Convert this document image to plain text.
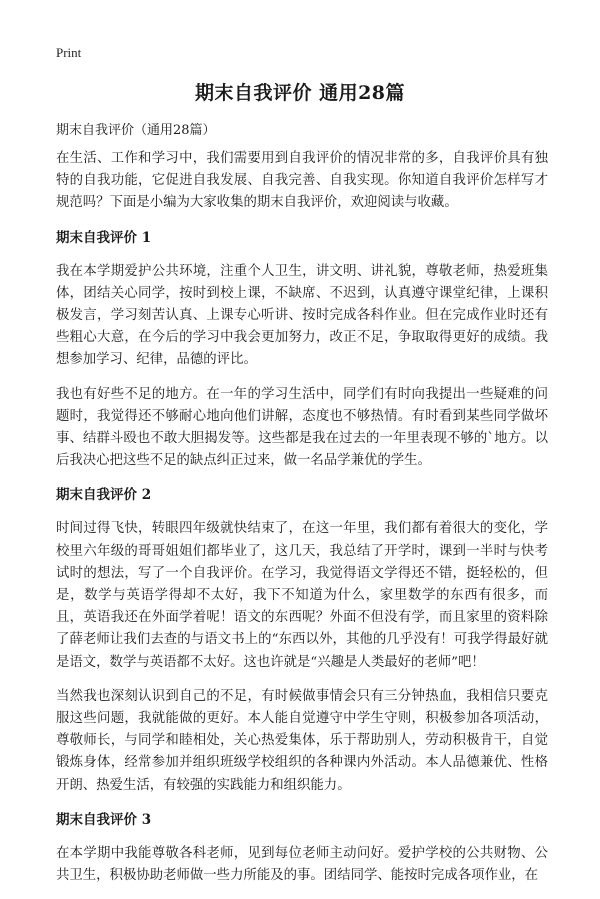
Print
期末自我评价 通用28篇

期末自我评价（通用28篇）

在生活、工作和学习中，我们需要用到自我评价的情况非常的多，自我评价具有独特的自我功能，它促进自我发展、自我完善、自我实现。你知道自我评价怎样写才规范吗？下面是小编为大家收集的期末自我评价，欢迎阅读与收藏。

期末自我评价 1

我在本学期爱护公共环境，注重个人卫生，讲文明、讲礼貌，尊敬老师，热爱班集体，团结关心同学，按时到校上课，不缺席、不迟到，认真遵守课堂纪律，上课积极发言，学习刻苦认真、上课专心听讲、按时完成各科作业。但在完成作业时还有些粗心大意，在今后的学习中我会更加努力，改正不足，争取取得更好的成绩。我想参加学习、纪律，品德的评比。

我也有好些不足的地方。在一年的学习生活中，同学们有时向我提出一些疑难的问题时，我觉得还不够耐心地向他们讲解，态度也不够热情。有时看到某些同学做坏事、结群斗殴也不敢大胆揭发等。这些都是我在过去的一年里表现不够的`地方。以后我决心把这些不足的缺点纠正过来，做一名品学兼优的学生。

期末自我评价 2

时间过得飞快，转眼四年级就快结束了，在这一年里，我们都有着很大的变化，学校里六年级的哥哥姐姐们都毕业了，这几天，我总结了开学时，课到一半时与快考试时的想法，写了一个自我评价。在学习，我觉得语文学得还不错，挺轻松的，但是，数学与英语学得却不太好，我下不知道为什么，家里数学的东西有很多，而且，英语我还在外面学着呢！语文的东西呢？外面不但没有学，而且家里的资料除了薛老师让我们去查的与语文书上的“东西以外，其他的几乎没有！可我学得最好就是语文，数学与英语都不太好。这也许就是“兴趣是人类最好的老师”吧！

当然我也深刻认识到自己的不足，有时候做事情会只有三分钟热血，我相信只要克服这些问题，我就能做的更好。本人能自觉遵守中学生守则，积极参加各项活动，尊敬师长，与同学和睦相处，关心热爱集体，乐于帮助别人，劳动积极肯干，自觉锻炼身体，经常参加并组织班级学校组织的各种课内外活动。本人品德兼优、性格开朗、热爱生活，有较强的实践能力和组织能力。

期末自我评价 3

在本学期中我能尊敬各科老师，见到每位老师主动问好。爱护学校的公共财物、公共卫生，积极协助老师做一些力所能及的事。团结同学、能按时完成各项作业，在
